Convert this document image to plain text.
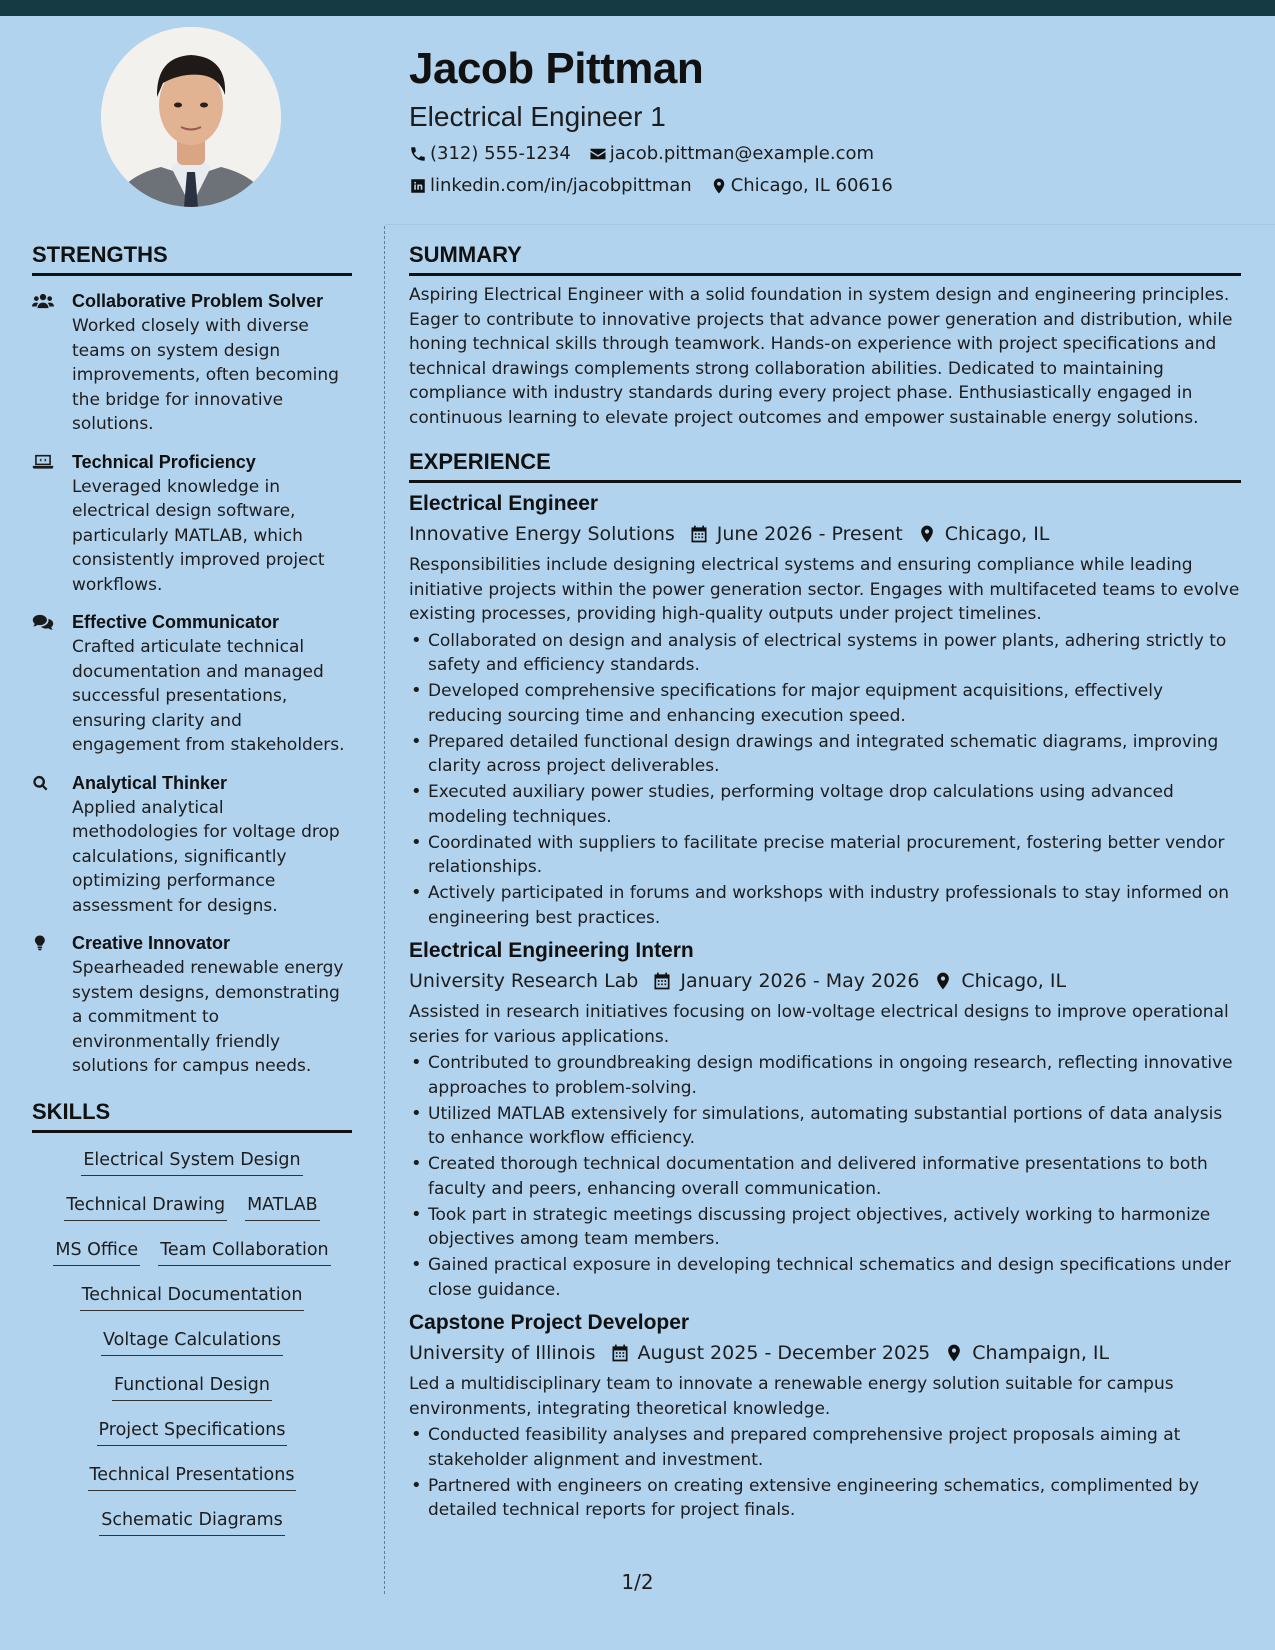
Jacob Pittman
Electrical Engineer 1
(312) 555-1234 jacob.pittman@example.com
linkedin.com/in/jacobpittman Chicago, IL 60616
STRENGTHS
Collaborative Problem Solver
Worked closely with diverse teams on system design improvements, often becoming the bridge for innovative solutions.
Technical Proficiency
Leveraged knowledge in electrical design software, particularly MATLAB, which consistently improved project workflows.
Effective Communicator
Crafted articulate technical documentation and managed successful presentations, ensuring clarity and engagement from stakeholders.
Analytical Thinker
Applied analytical methodologies for voltage drop calculations, significantly optimizing performance assessment for designs.
Creative Innovator
Spearheaded renewable energy system designs, demonstrating a commitment to environmentally friendly solutions for campus needs.
SKILLS
Electrical System Design
Technical Drawing MATLAB
MS Office Team Collaboration
Technical Documentation
Voltage Calculations
Functional Design
Project Specifications
Technical Presentations
Schematic Diagrams
SUMMARY
Aspiring Electrical Engineer with a solid foundation in system design and engineering principles. Eager to contribute to innovative projects that advance power generation and distribution, while honing technical skills through teamwork. Hands-on experience with project specifications and technical drawings complements strong collaboration abilities. Dedicated to maintaining compliance with industry standards during every project phase. Enthusiastically engaged in continuous learning to elevate project outcomes and empower sustainable energy solutions.
EXPERIENCE
Electrical Engineer
Innovative Energy Solutions June 2026 - Present Chicago, IL
Responsibilities include designing electrical systems and ensuring compliance while leading initiative projects within the power generation sector. Engages with multifaceted teams to evolve existing processes, providing high-quality outputs under project timelines.
• Collaborated on design and analysis of electrical systems in power plants, adhering strictly to safety and efficiency standards.
• Developed comprehensive specifications for major equipment acquisitions, effectively reducing sourcing time and enhancing execution speed.
• Prepared detailed functional design drawings and integrated schematic diagrams, improving clarity across project deliverables.
• Executed auxiliary power studies, performing voltage drop calculations using advanced modeling techniques.
• Coordinated with suppliers to facilitate precise material procurement, fostering better vendor relationships.
• Actively participated in forums and workshops with industry professionals to stay informed on engineering best practices.
Electrical Engineering Intern
University Research Lab January 2026 - May 2026 Chicago, IL
Assisted in research initiatives focusing on low-voltage electrical designs to improve operational series for various applications.
• Contributed to groundbreaking design modifications in ongoing research, reflecting innovative approaches to problem-solving.
• Utilized MATLAB extensively for simulations, automating substantial portions of data analysis to enhance workflow efficiency.
• Created thorough technical documentation and delivered informative presentations to both faculty and peers, enhancing overall communication.
• Took part in strategic meetings discussing project objectives, actively working to harmonize objectives among team members.
• Gained practical exposure in developing technical schematics and design specifications under close guidance.
Capstone Project Developer
University of Illinois August 2025 - December 2025 Champaign, IL
Led a multidisciplinary team to innovate a renewable energy solution suitable for campus environments, integrating theoretical knowledge.
• Conducted feasibility analyses and prepared comprehensive project proposals aiming at stakeholder alignment and investment.
• Partnered with engineers on creating extensive engineering schematics, complimented by detailed technical reports for project finals.
1/2
